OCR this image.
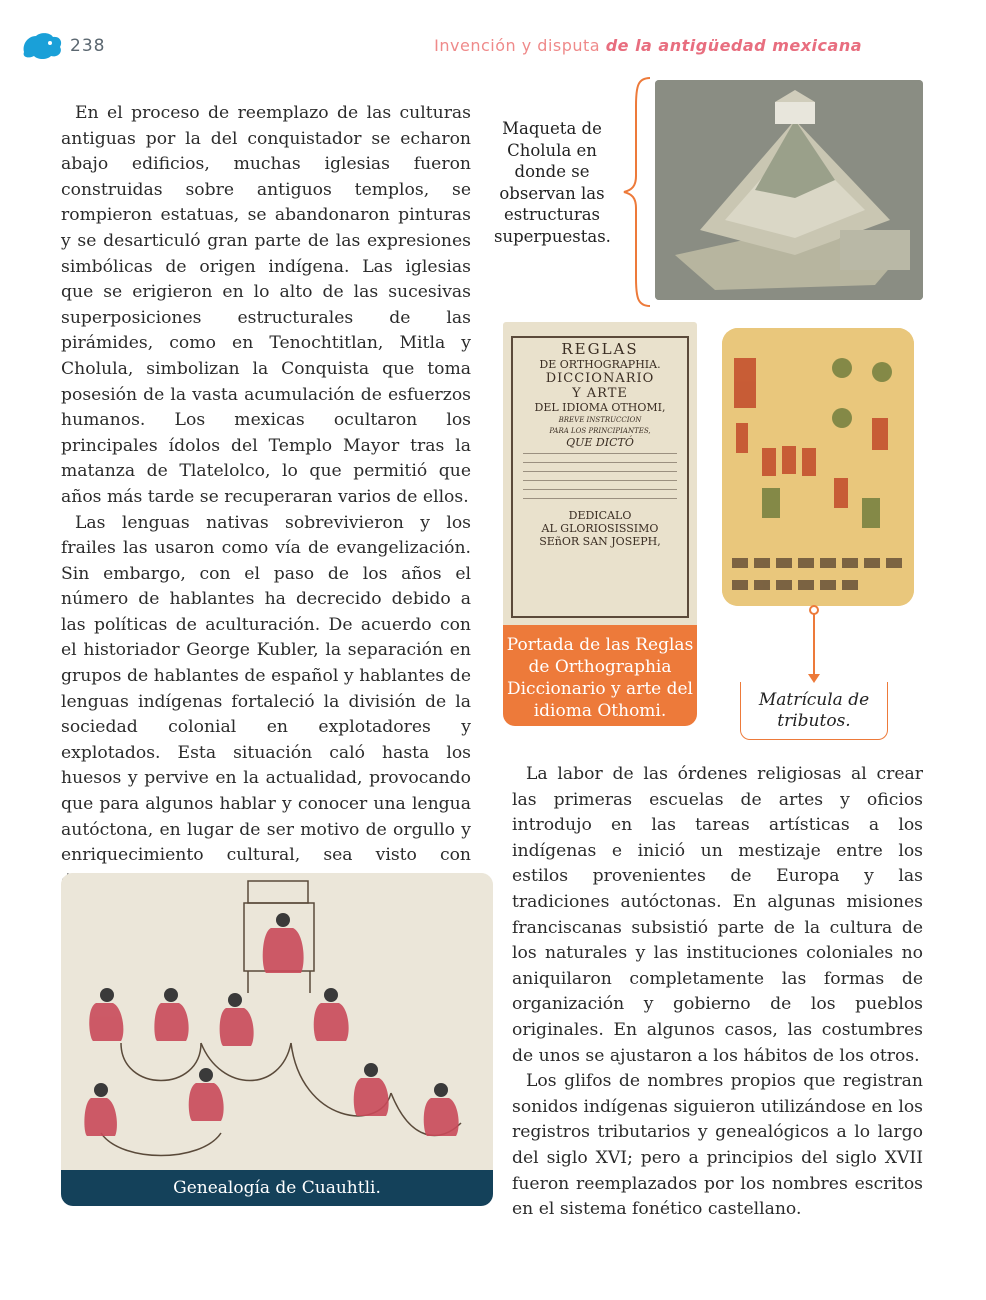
238	Invención y disputa de la antigüedad mexicana

En el proceso de reemplazo de las culturas antiguas por la del conquistador se echaron abajo edificios, muchas iglesias fueron construidas sobre antiguos templos, se rompieron estatuas, se abandonaron pinturas y se desarticuló gran parte de las expresiones simbólicas de origen indígena. Las iglesias que se erigieron en lo alto de las sucesivas superposiciones estructurales de las pirámides, como en Tenochtitlan, Mitla y Cholula, simbolizan la Conquista que toma posesión de la vasta acumulación de esfuerzos humanos. Los mexicas ocultaron los principales ídolos del Templo Mayor tras la matanza de Tlatelolco, lo que permitió que años más tarde se recuperaran varios de ellos.

Las lenguas nativas sobrevivieron y los frailes las usaron como vía de evangelización. Sin embargo, con el paso de los años el número de hablantes ha decrecido debido a las políticas de aculturación. De acuerdo con el historiador George Kubler, la separación en grupos de hablantes de español y hablantes de lenguas indígenas fortaleció la división de la sociedad colonial en explotadores y explotados. Esta situación caló hasta los huesos y pervive en la actualidad, provocando que para algunos hablar y conocer una lengua autóctona, en lugar de ser motivo de orgullo y enriquecimiento cultural, sea visto con

Maqueta de Cholula en donde se observan las estructuras superpuestas.
REGLAS
DE ORTHOGRAPHIA.
DICCIONARIO
Y ARTE
DEL IDIOMA OTHOMI,
BREVE INSTRUCCION
PARA LOS PRINCIPIANTES,
QUE DICTÓ
DEDICALO
AL GLORIOSISSIMO
SEñOR SAN JOSEPH,
Portada de las Reglas de Orthographia Diccionario y arte del idioma Othomi.
Matrícula de tributos.

La labor de las órdenes religiosas al crear las primeras escuelas de artes y oficios introdujo en las tareas artísticas a los indígenas e inició un mestizaje entre los estilos provenientes de Europa y las tradiciones autóctonas. En algunas misiones franciscanas subsistió parte de la cultura de los naturales y las instituciones coloniales no aniquilaron completamente las formas de organización y gobierno de los pueblos originales. En algunos casos, las costumbres de unos se ajustaron a los hábitos de los otros.

Los glifos de nombres propios que registran sonidos indígenas siguieron utilizándose en los registros tributarios y genealógicos a lo largo del siglo XVI; pero a principios del siglo XVII fueron reemplazados por los nombres escritos en el sistema fonético castellano.

Genealogía de Cuauhtli.
